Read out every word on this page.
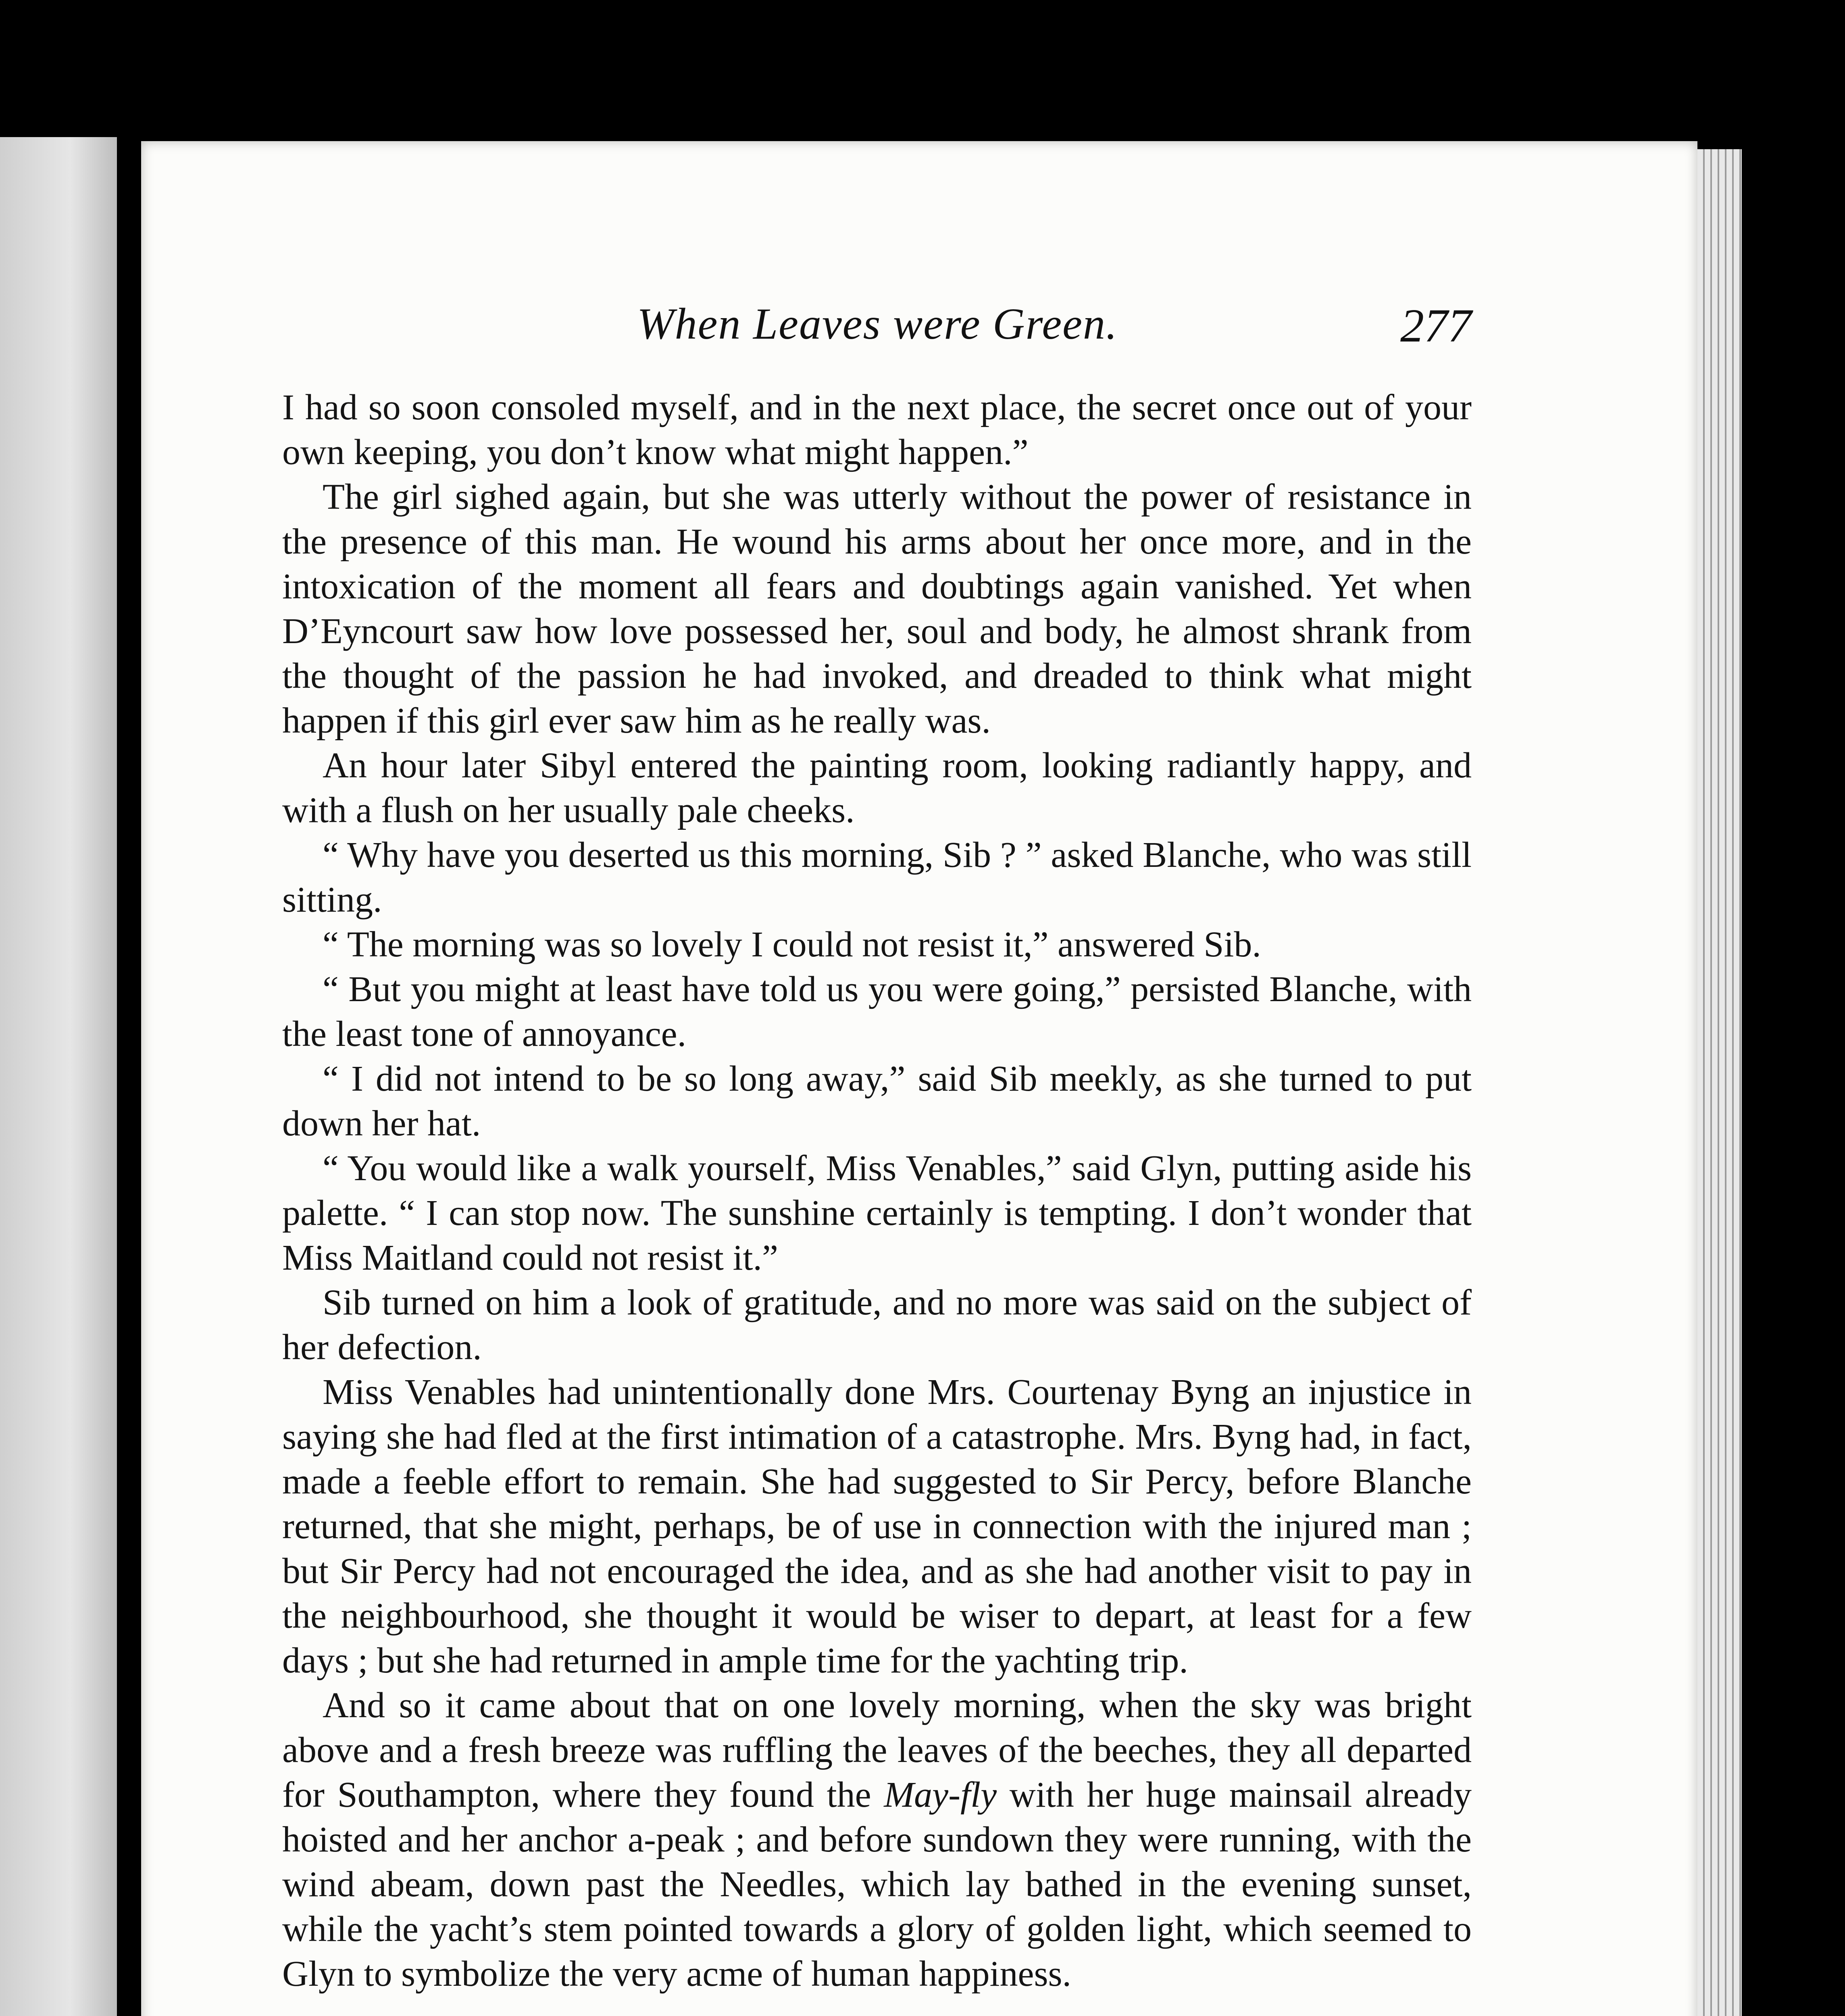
When Leaves were Green.	277

I had so soon consoled myself, and in the next place, the secret once out of your own keeping, you don’t know what might happen.”

The girl sighed again, but she was utterly without the power of resistance in the presence of this man. He wound his arms about her once more, and in the intoxication of the moment all fears and doubtings again vanished. Yet when D’Eyncourt saw how love possessed her, soul and body, he almost shrank from the thought of the passion he had invoked, and dreaded to think what might happen if this girl ever saw him as he really was.

An hour later Sibyl entered the painting room, looking radiantly happy, and with a flush on her usually pale cheeks.

“ Why have you deserted us this morning, Sib ? ” asked Blanche, who was still sitting.

“ The morning was so lovely I could not resist it,” answered Sib.

“ But you might at least have told us you were going,” persisted Blanche, with the least tone of annoyance.

“ I did not intend to be so long away,” said Sib meekly, as she turned to put down her hat.

“ You would like a walk yourself, Miss Venables,” said Glyn, putting aside his palette. “ I can stop now. The sunshine certainly is tempting. I don’t wonder that Miss Maitland could not resist it.”

Sib turned on him a look of gratitude, and no more was said on the subject of her defection.

Miss Venables had unintentionally done Mrs. Courtenay Byng an injustice in saying she had fled at the first intimation of a catastrophe. Mrs. Byng had, in fact, made a feeble effort to remain. She had suggested to Sir Percy, before Blanche returned, that she might, perhaps, be of use in connection with the injured man ; but Sir Percy had not encouraged the idea, and as she had another visit to pay in the neighbourhood, she thought it would be wiser to depart, at least for a few days ; but she had returned in ample time for the yachting trip.

And so it came about that on one lovely morning, when the sky was bright above and a fresh breeze was ruffling the leaves of the beeches, they all departed for Southampton, where they found the May-fly with her huge mainsail already hoisted and her anchor a-peak ; and before sundown they were running, with the wind abeam, down past the Needles, which lay bathed in the evening sunset, while the yacht’s stem pointed towards a glory of golden light, which seemed to Glyn to symbolize the very acme of human happiness.
